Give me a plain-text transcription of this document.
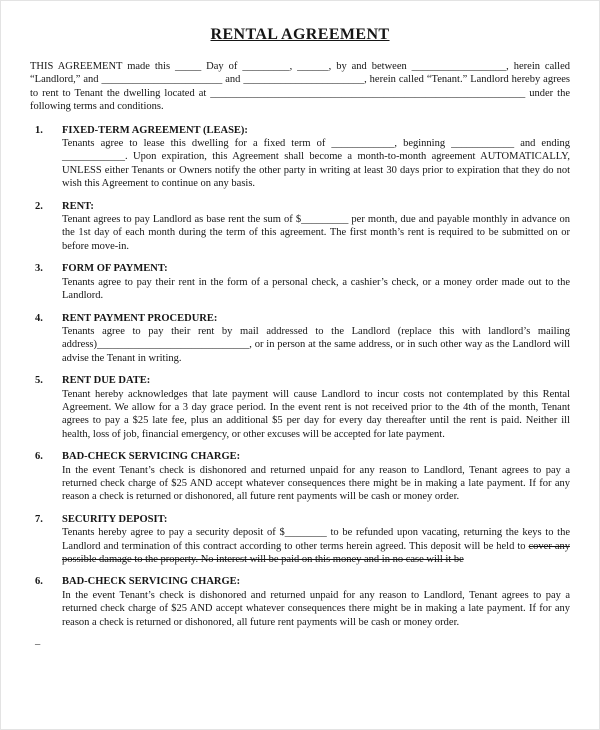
RENTAL AGREEMENT

THIS AGREEMENT made this _____ Day of _________, ______, by and between __________________, herein called “Landlord,” and _______________________ and _______________________, herein called “Tenant.” Landlord hereby agrees to rent to Tenant the dwelling located at ____________________________________________________________ under the following terms and conditions.

1.	FIXED-TERM AGREEMENT (LEASE):
Tenants agree to lease this dwelling for a fixed term of ____________, beginning ____________ and ending ____________. Upon expiration, this Agreement shall become a month-to-month agreement AUTOMATICALLY, UNLESS either Tenants or Owners notify the other party in writing at least 30 days prior to expiration that they do not wish this Agreement to continue on any basis.
2.	RENT:
Tenant agrees to pay Landlord as base rent the sum of $_________ per month, due and payable monthly in advance on the 1st day of each month during the term of this agreement. The first month’s rent is required to be submitted on or before move-in.
3.	FORM OF PAYMENT:
Tenants agree to pay their rent in the form of a personal check, a cashier’s check, or a money order made out to the Landlord.
4.	RENT PAYMENT PROCEDURE:
Tenants agree to pay their rent by mail addressed to the Landlord (replace this with landlord’s mailing address)_____________________________, or in person at the same address, or in such other way as the Landlord will advise the Tenant in writing.
5.	RENT DUE DATE:
Tenant hereby acknowledges that late payment will cause Landlord to incur costs not contemplated by this Rental Agreement. We allow for a 3 day grace period. In the event rent is not received prior to the 4th of the month, Tenant agrees to pay a $25 late fee, plus an additional $5 per day for every day thereafter until the rent is paid. Neither ill health, loss of job, financial emergency, or other excuses will be accepted for late payment.
6.	BAD-CHECK SERVICING CHARGE:
In the event Tenant’s check is dishonored and returned unpaid for any reason to Landlord, Tenant agrees to pay a returned check charge of $25 AND accept whatever consequences there might be in making a late payment. If for any reason a check is returned or dishonored, all future rent payments will be cash or money order.
7.	SECURITY DEPOSIT:
Tenants hereby agree to pay a security deposit of $________ to be refunded upon vacating, returning the keys to the Landlord and termination of this contract according to other terms herein agreed. This deposit will be held to cover any possible damage to the property. No interest will be paid on this money and in no case will it be
6.	BAD-CHECK SERVICING CHARGE:
In the event Tenant’s check is dishonored and returned unpaid for any reason to Landlord, Tenant agrees to pay a returned check charge of $25 AND accept whatever consequences there might be in making a late payment. If for any reason a check is returned or dishonored, all future rent payments will be cash or money order.
–
